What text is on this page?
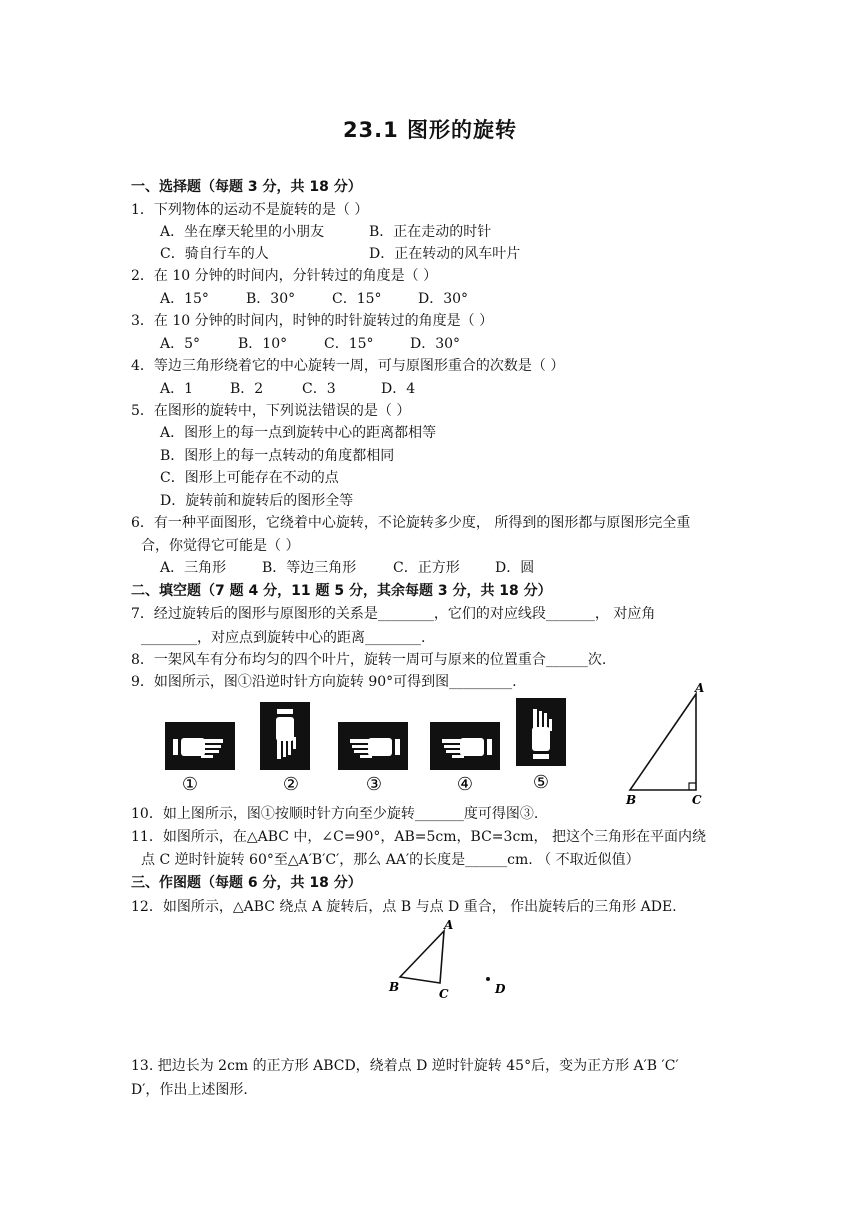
23.1 图形的旋转
一、选择题（每题 3 分，共 18 分）
1．下列物体的运动不是旋转的是（ ）
A．坐在摩天轮里的小朋友	B．正在走动的时针
C．骑自行车的人	D．正在转动的风车叶片
2．在 10 分钟的时间内，分针转过的角度是（ ）
A．15°	B．30°	C．15°	D．30°
3．在 10 分钟的时间内，时钟的时针旋转过的角度是（ ）
A．5°	B．10°	C．15°	D．30°
4．等边三角形绕着它的中心旋转一周，可与原图形重合的次数是（ ）
A．1	B．2	C．3	D．4
5．在图形的旋转中，下列说法错误的是（ ）
A．图形上的每一点到旋转中心的距离都相等
B．图形上的每一点转动的角度都相同
C．图形上可能存在不动的点
D．旋转前和旋转后的图形全等
6．有一种平面图形，它绕着中心旋转，不论旋转多少度， 所得到的图形都与原图形完全重
合，你觉得它可能是（ ）
A．三角形	B．等边三角形	C．正方形	D．圆
二、填空题（7 题 4 分，11 题 5 分，其余每题 3 分，共 18 分）
7．经过旋转后的图形与原图形的关系是________，它们的对应线段_______， 对应角
________，对应点到旋转中心的距离________.
8．一架风车有分布均匀的四个叶片，旋转一周可与原来的位置重合______次.
9．如图所示，图①沿逆时针方向旋转 90°可得到图_________.
①	②	③	④	⑤
A
B	C
10．如上图所示，图①按顺时针方向至少旋转_______度可得图③.
11．如图所示，在△ABC 中，∠C=90°，AB=5cm，BC=3cm， 把这个三角形在平面内绕
点 C 逆时针旋转 60°至△A′B′C′，那么 AA′的长度是______cm. （ 不取近似值）
三、作图题（每题 6 分，共 18 分）
12．如图所示，△ABC 绕点 A 旋转后，点 B 与点 D 重合， 作出旋转后的三角形 ADE.
A
B	C	D
13. 把边长为 2cm 的正方形 ABCD，绕着点 D 逆时针旋转 45°后，变为正方形 A′B ′C′
D′，作出上述图形.
